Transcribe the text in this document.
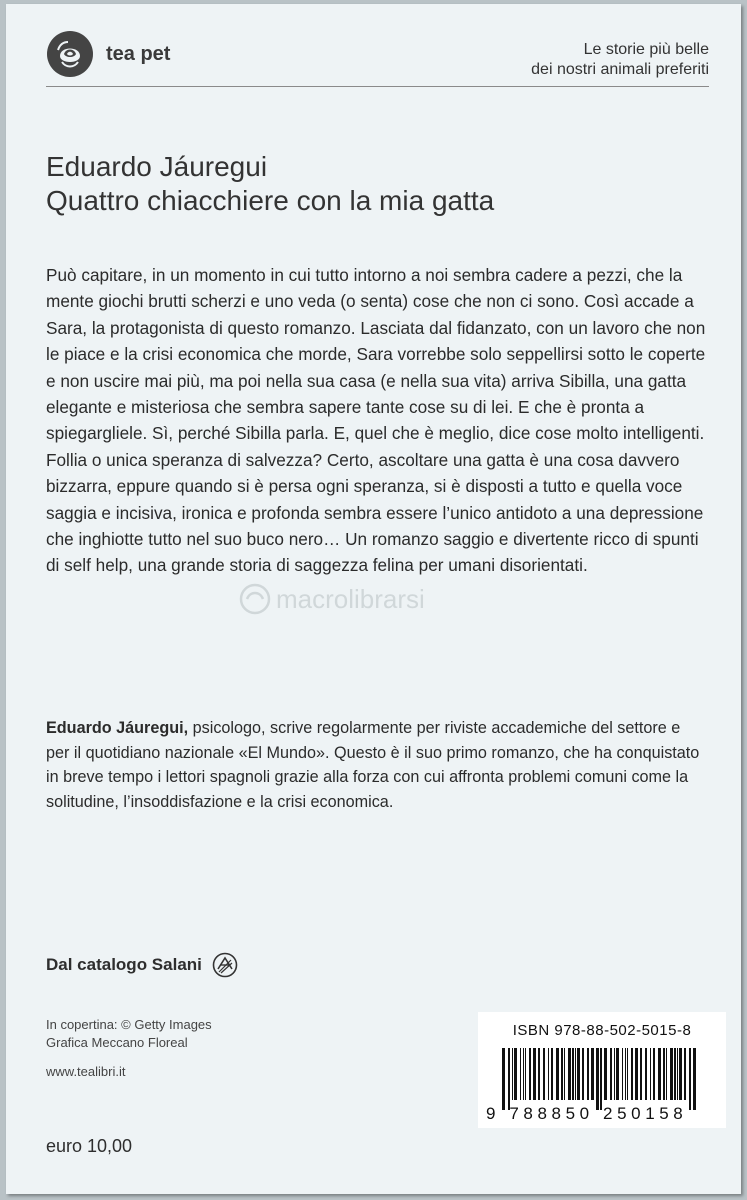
tea pet	Le storie più belle
dei nostri animali preferiti
Eduardo Jáuregui
Quattro chiacchiere con la mia gatta

Può capitare, in un momento in cui tutto intorno a noi sembra cadere a pezzi, che la mente giochi brutti scherzi e uno veda (o senta) cose che non ci sono. Così accade a Sara, la protagonista di questo romanzo. Lasciata dal fidanzato, con un lavoro che non le piace e la crisi economica che morde, Sara vorrebbe solo seppellirsi sotto le coperte e non uscire mai più, ma poi nella sua casa (e nella sua vita) arriva Sibilla, una gatta elegante e misteriosa che sembra sapere tante cose su di lei. E che è pronta a spiegargliele. Sì, perché Sibilla parla. E, quel che è meglio, dice cose molto intelligenti. Follia o unica speranza di salvezza? Certo, ascoltare una gatta è una cosa davvero bizzarra, eppure quando si è persa ogni speranza, si è disposti a tutto e quella voce saggia e incisiva, ironica e profonda sembra essere l’unico antidoto a una depressione che inghiotte tutto nel suo buco nero… Un romanzo saggio e divertente ricco di spunti di self help, una grande storia di saggezza felina per umani disorientati.

macrolibrarsi

Eduardo Jáuregui, psicologo, scrive regolarmente per riviste accademiche del settore e per il quotidiano nazionale «El Mundo». Questo è il suo primo romanzo, che ha conquistato in breve tempo i lettori spagnoli grazie alla forza con cui affronta problemi comuni come la solitudine, l’insoddisfazione e la crisi economica.

Dal catalogo Salani
In copertina: © Getty Images
Grafica Meccano Floreal
www.tealibri.it
euro 10,00
ISBN 978-88-502-5015-8
9 788850 250158
